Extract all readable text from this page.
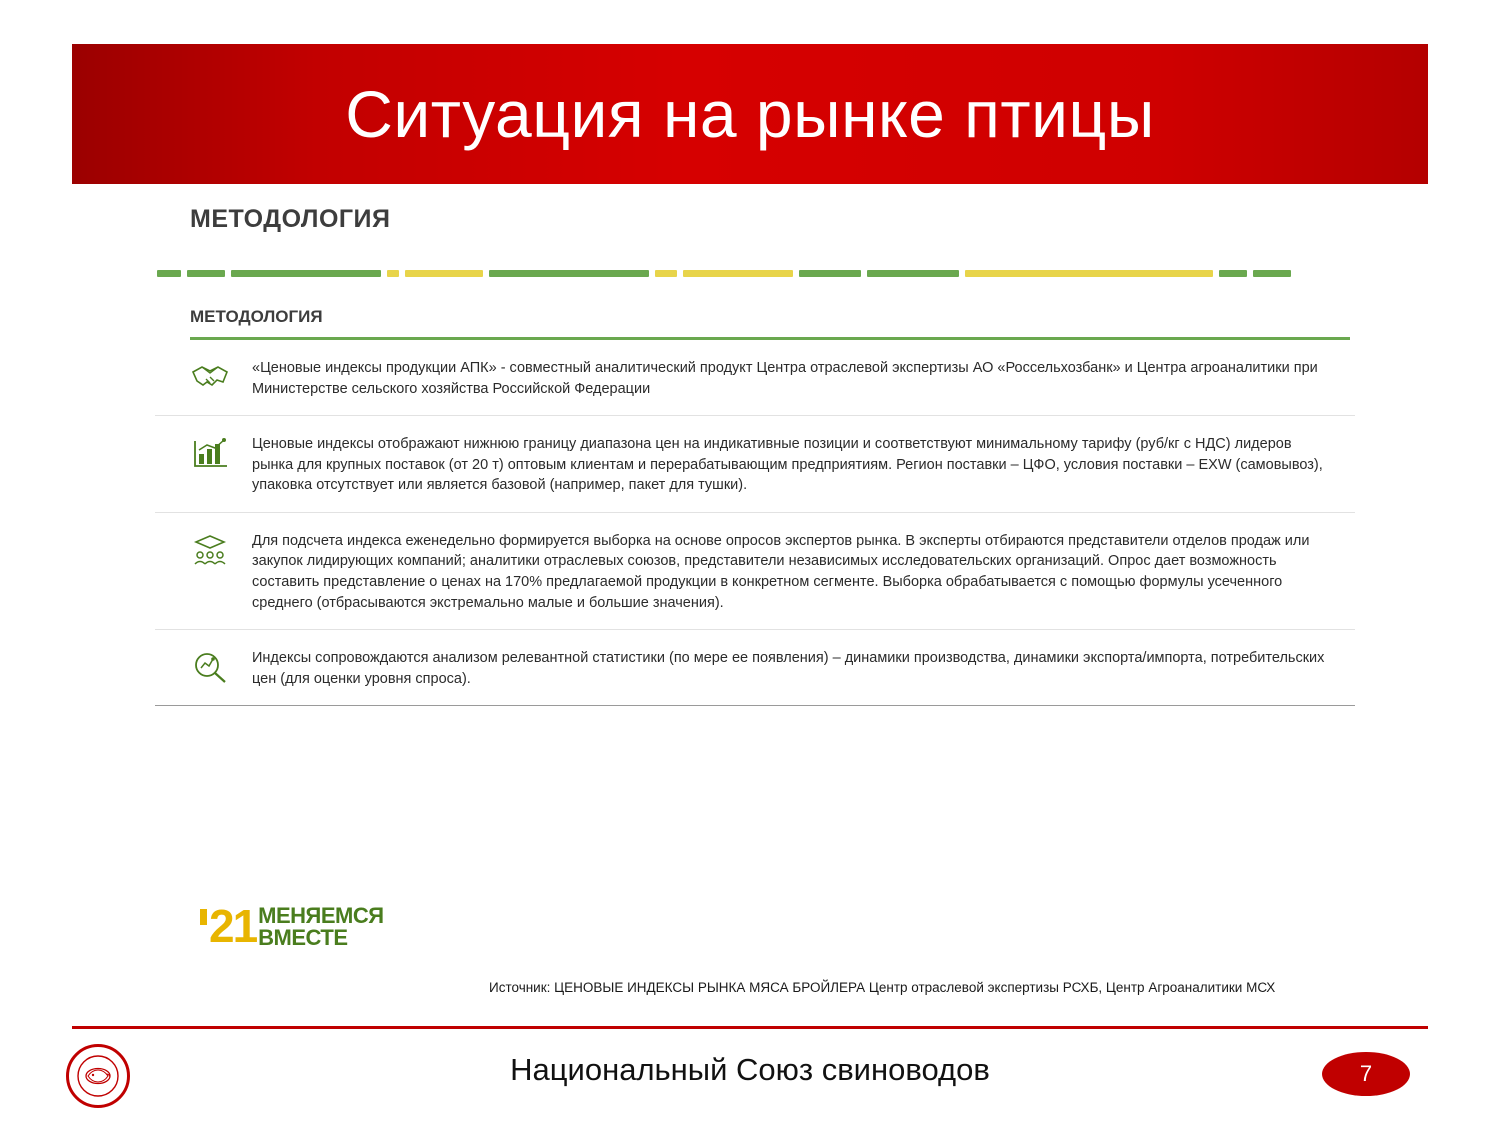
Ситуация на рынке птицы
МЕТОДОЛОГИЯ
МЕТОДОЛОГИЯ
«Ценовые индексы продукции АПК» - совместный аналитический продукт Центра отраслевой экспертизы АО «Россельхозбанк» и Центра агроаналитики при Министерстве сельского хозяйства Российской Федерации
Ценовые индексы отображают нижнюю границу диапазона цен на индикативные позиции и соответствуют минимальному тарифу (руб/кг с НДС) лидеров рынка для крупных поставок (от 20 т) оптовым клиентам и перерабатывающим предприятиям. Регион поставки – ЦФО, условия поставки – EXW (самовывоз), упаковка отсутствует или является базовой (например, пакет для тушки).
Для подсчета индекса еженедельно формируется выборка на основе опросов экспертов рынка. В эксперты отбираются представители отделов продаж или закупок лидирующих компаний; аналитики отраслевых союзов, представители независимых исследовательских организаций. Опрос дает возможность составить представление о ценах на 170% предлагаемой продукции в конкретном сегменте. Выборка обрабатывается с помощью формулы усеченного среднего (отбрасываются экстремально малые и большие значения).
Индексы сопровождаются анализом релевантной статистики (по мере ее появления) – динамики производства, динамики экспорта/импорта, потребительских цен (для оценки уровня спроса).
21 МЕНЯЕМСЯ
ВМЕСТЕ
Источник: ЦЕНОВЫЕ ИНДЕКСЫ РЫНКА МЯСА БРОЙЛЕРА Центр отраслевой экспертизы РСХБ, Центр Агроаналитики МСХ
Национальный Союз свиноводов	7
